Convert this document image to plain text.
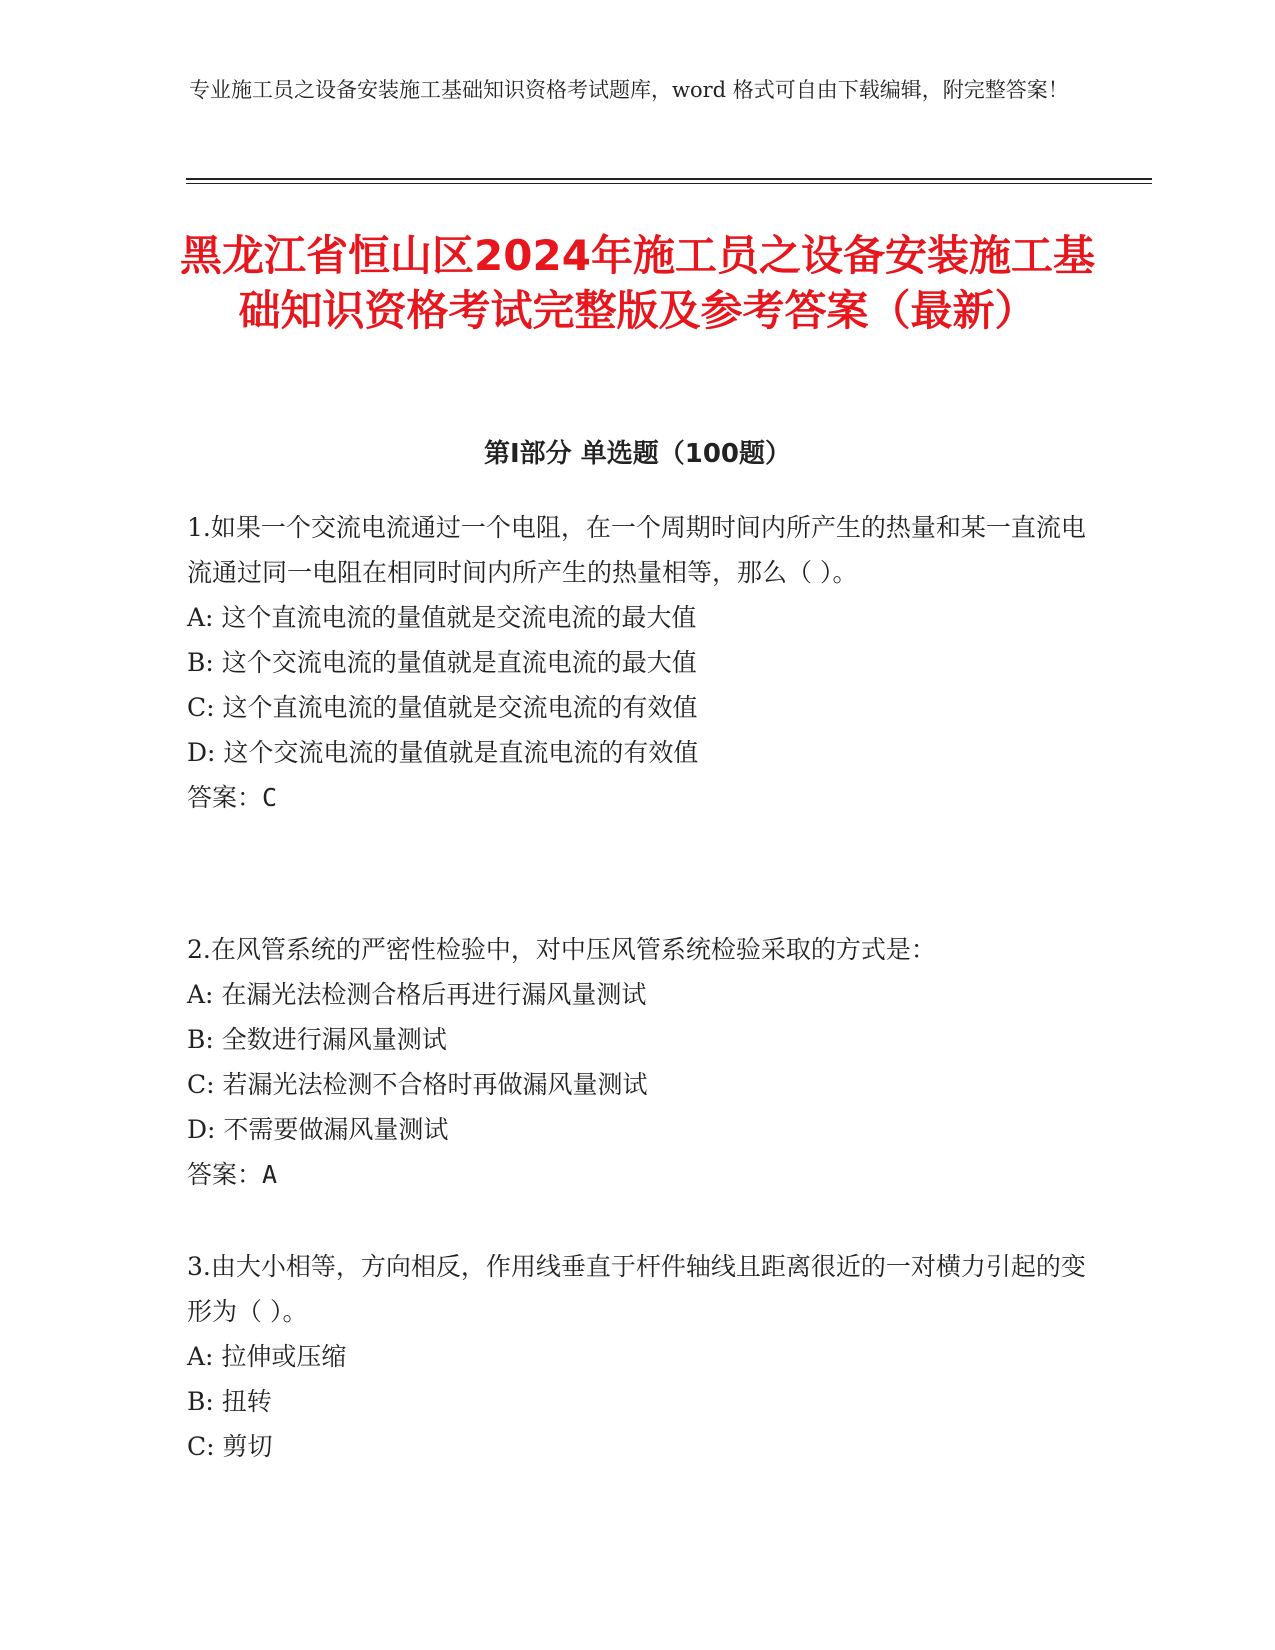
专业施工员之设备安装施工基础知识资格考试题库，word 格式可自由下载编辑，附完整答案！

黑龙江省恒山区2024年施工员之设备安装施工基础知识资格考试完整版及参考答案（最新）
第Ⅰ部分 单选题（100题）

1.如果一个交流电流通过一个电阻，在一个周期时间内所产生的热量和某一直流电流通过同一电阻在相同时间内所产生的热量相等，那么（ ）。

A: 这个直流电流的量值就是交流电流的最大值

B: 这个交流电流的量值就是直流电流的最大值

C: 这个直流电流的量值就是交流电流的有效值

D: 这个交流电流的量值就是直流电流的有效值

答案：C

2.在风管系统的严密性检验中，对中压风管系统检验采取的方式是：

A: 在漏光法检测合格后再进行漏风量测试

B: 全数进行漏风量测试

C: 若漏光法检测不合格时再做漏风量测试

D: 不需要做漏风量测试

答案：A

3.由大小相等，方向相反，作用线垂直于杆件轴线且距离很近的一对横力引起的变形为（ ）。

A: 拉伸或压缩

B: 扭转

C: 剪切
